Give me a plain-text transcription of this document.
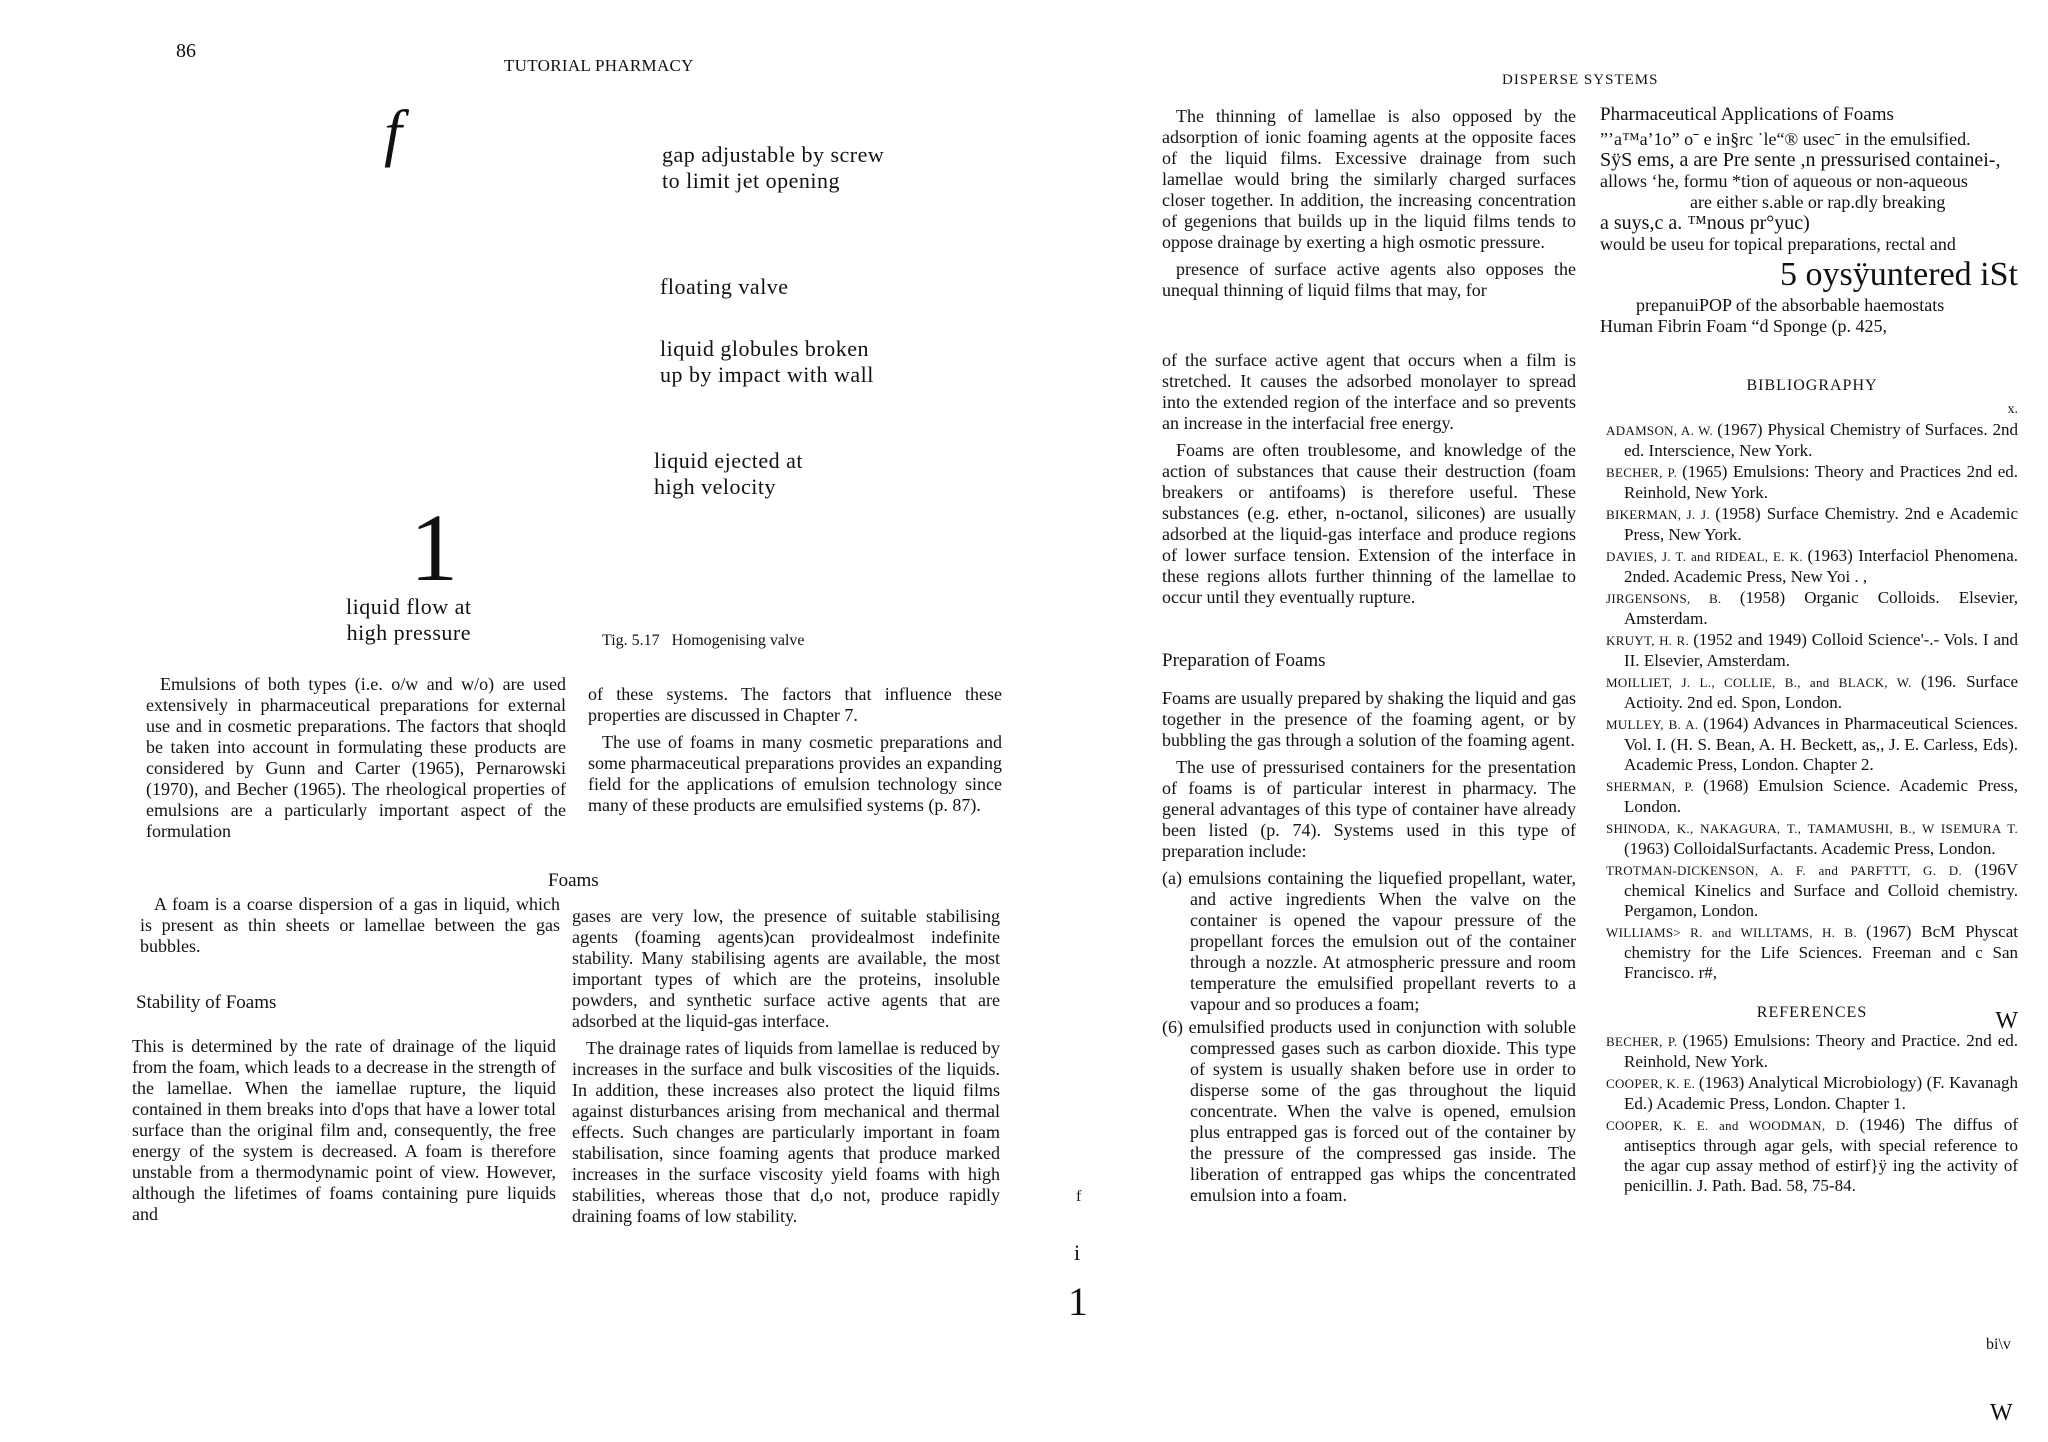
86
TUTORIAL PHARMACY
f	gap adjustable by screw
to limit jet opening
floating valve
liquid globules broken
up by impact with wall
liquid ejected at
high velocity
1
liquid flow at
high pressure	Tig. 5.17 Homogenising valve

Emulsions of both types (i.e. o/w and w/o) are used extensively in pharmaceutical preparations for external use and in cosmetic preparations. The factors that shoqld be taken into account in formulating these products are considered by Gunn and Carter (1965), Pernarowski (1970), and Becher (1965). The rheological properties of emulsions are a particularly important aspect of the formulation

of these systems. The factors that influence these properties are discussed in Chapter 7.

The use of foams in many cosmetic preparations and some pharmaceutical preparations provides an expanding field for the applications of emulsion technology since many of these products are emulsified systems (p. 87).

Foams

A foam is a coarse dispersion of a gas in liquid, which is present as thin sheets or lamellae between the gas bubbles.

Stability of Foams

This is determined by the rate of drainage of the liquid from the foam, which leads to a decrease in the strength of the lamellae. When the iamellae rupture, the liquid contained in them breaks into d'ops that have a lower total surface than the original film and, consequently, the free energy of the system is decreased. A foam is therefore unstable from a thermodynamic point of view. However, although the lifetimes of foams containing pure liquids and

gases are very low, the presence of suitable stabilising agents (foaming agents)can providealmost indefinite stability. Many stabilising agents are available, the most important types of which are the proteins, insoluble powders, and synthetic surface active agents that are adsorbed at the liquid-gas interface.

The drainage rates of liquids from lamellae is reduced by increases in the surface and bulk viscosities of the liquids. In addition, these increases also protect the liquid films against disturbances arising from mechanical and thermal effects. Such changes are particularly important in foam stabilisation, since foaming agents that produce marked increases in the surface viscosity yield foams with high stabilities, whereas those that d,o not, produce rapidly draining foams of low stability.

f
i
1
DISPERSE SYSTEMS

The thinning of lamellae is also opposed by the adsorption of ionic foaming agents at the opposite faces of the liquid films. Excessive drainage from such lamellae would bring the similarly charged surfaces closer together. In addition, the increasing concentration of gegenions that builds up in the liquid films tends to oppose drainage by exerting a high osmotic pressure.

presence of surface active agents also opposes the unequal thinning of liquid films that may, for

of the surface active agent that occurs when a film is stretched. It causes the adsorbed monolayer to spread into the extended region of the interface and so prevents an increase in the interfacial free energy.

Foams are often troublesome, and knowledge of the action of substances that cause their destruction (foam breakers or antifoams) is therefore useful. These substances (e.g. ether, n-octanol, silicones) are usually adsorbed at the liquid-gas interface and produce regions of lower surface tension. Extension of the interface in these regions allots further thinning of the lamellae to occur until they eventually rupture.

Preparation of Foams

Foams are usually prepared by shaking the liquid and gas together in the presence of the foaming agent, or by bubbling the gas through a solution of the foaming agent.

The use of pressurised containers for the presentation of foams is of particular interest in pharmacy. The general advantages of this type of container have already been listed (p. 74). Systems used in this type of preparation include:

(a) emulsions containing the liquefied propellant, water, and active ingredients When the valve on the container is opened the vapour pressure of the propellant forces the emulsion out of the container through a nozzle. At atmospheric pressure and room temperature the emulsified propellant reverts to a vapour and so produces a foam;
(6) emulsified products used in conjunction with soluble compressed gases such as carbon dioxide. This type of system is usually shaken before use in order to disperse some of the gas throughout the liquid concentrate. When the valve is opened, emulsion plus entrapped gas is forced out of the container by the pressure of the compressed gas inside. The liberation of entrapped gas whips the concentrated emulsion into a foam.
Pharmaceutical Applications of Foams
”’a™a’1o” oˉ e in§rc ˙le“® usecˉ in the emulsified.
SÿS ems, a are Pre sente ,n pressurised containei-,
allows ‘he, formu *tion of aqueous or non-aqueous
are either s.able or rap.dly breaking
a suys,c a. ™nous pr°yuc)
would be useu for topical preparations, rectal and
5 oysÿuntered iSt
prepanuiPOP of the absorbable haemostats
Human Fibrin Foam “d Sponge (p. 425,
BIBLIOGRAPHY
x.
ADAMSON, A. W. (1967) Physical Chemistry of Surfaces. 2nd ed. Interscience, New York.
BECHER, P. (1965) Emulsions: Theory and Practices 2nd ed. Reinhold, New York.
BIKERMAN, J. J. (1958) Surface Chemistry. 2nd e Academic Press, New York.
DAVIES, J. T. and RIDEAL, E. K. (1963) Interfaciol Phenomena. 2nded. Academic Press, New Yoi . ,
JIRGENSONS, B. (1958) Organic Colloids. Elsevier, Amsterdam.
KRUYT, H. R. (1952 and 1949) Colloid Science'-.- Vols. I and II. Elsevier, Amsterdam.
MOILLIET, J. L., COLLIE, B., and BLACK, W. (196. Surface Actioity. 2nd ed. Spon, London.
MULLEY, B. A. (1964) Advances in Pharmaceutical Sciences. Vol. I. (H. S. Bean, A. H. Beckett, as,, J. E. Carless, Eds). Academic Press, London. Chapter 2.
SHERMAN, P. (1968) Emulsion Science. Academic Press, London.
SHINODA, K., NAKAGURA, T., TAMAMUSHI, B., W ISEMURA T. (1963) ColloidalSurfactants. Academic Press, London.
TROTMAN-DICKENSON, A. F. and PARFTTT, G. D. (196V chemical Kinelics and Surface and Colloid chemistry. Pergamon, London.
WILLIAMS> R. and WILLTAMS, H. B. (1967) BcM Physcat chemistry for the Life Sciences. Freeman and c San Francisco. r#,
REFERENCES	W
BECHER, P. (1965) Emulsions: Theory and Practice. 2nd ed. Reinhold, New York.
COOPER, K. E. (1963) Analytical Microbiology) (F. Kavanagh Ed.) Academic Press, London. Chapter 1.
COOPER, K. E. and WOODMAN, D. (1946) The diffus of antiseptics through agar gels, with special reference to the agar cup assay method of estirf}ÿ ing the activity of penicillin. J. Path. Bad. 58, 75-84.
bi\v
W
